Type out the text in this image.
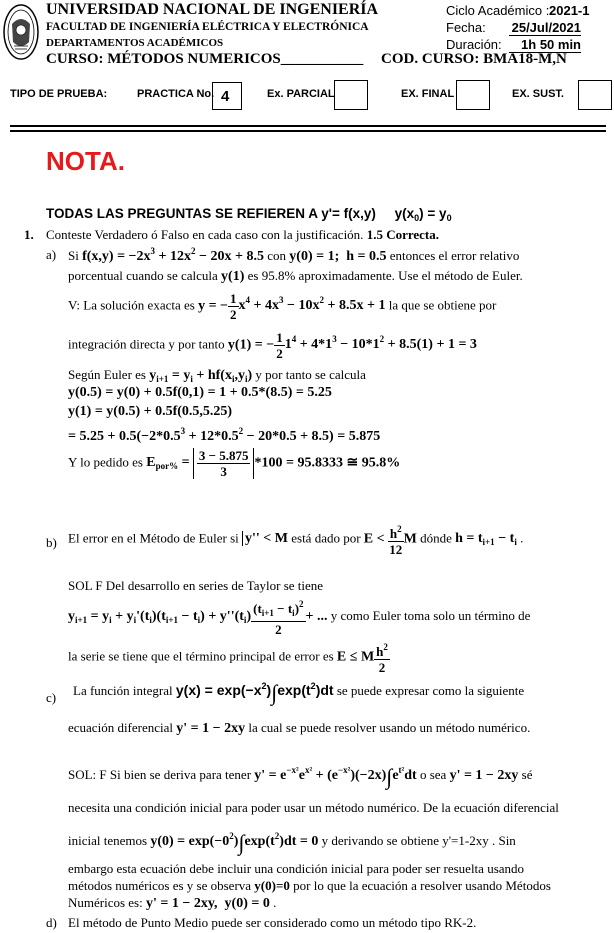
UNIVERSIDAD NACIONAL DE INGENIERÍA
FACULTAD DE INGENIERÍA ELÉCTRICA Y ELECTRÓNICA
DEPARTAMENTOS ACADÉMICOS
CURSO: MÉTODOS NUMERICOS___________ COD. CURSO: BMA18-M,N
Ciclo Académico : 2021-1
Fecha: 25/Jul/2021
Duración:	1h 50 min
TIPO DE PRUEBA:	PRACTICA No. 4	Ex. PARCIAL	EX. FINAL	EX. SUST.
NOTA.
TODAS LAS PREGUNTAS SE REFIEREN A y'= f(x,y)     $y(x_0) = y_0$
1. Conteste Verdadero ó Falso en cada caso con la justificación. 1.5 Correcta.
a) Si $f(x,y) = -2x^3 + 12x^2 - 20x + 8.5$ con y(0) = 1;  h = 0.5 entonces el error relativo
porcentual cuando se calcula y(1) es 95.8% aproximadamente. Use el método de Euler.
V: La solución exacta es y = − $\frac{1}{2} x^4 + 4x^3 - 10x^2 + 8.5x + 1$ la que se obtiene por
integración directa y por tanto y(1) = − $\frac{1}{2} 1^4 + 4*1^3 - 10*1^2 + 8.5(1) + 1 = 3$
Según Euler es $y_{i+1} = y_i + hf(x_i,y_i)$ y por tanto se calcula
y(0.5) = y(0) + 0.5f(0,1) = 1 + 0.5*(8.5) = 5.25
y(1) = y(0.5) + 0.5f(0.5,5.25)
= $5.25 + 0.5(-2*0.5^3 + 12*0.5^2 - 20*0.5 + 8.5) = 5.875$
Y lo pedido es $E_{por\%} = \frac{3 - 5.875}{3} *100 = 95.8333$ ≅ 95.8%
b) El error en el Método de Euler si y'' < M está dado por $E < \frac{h^2}{12}$ M dónde $h = t_{i+1} - t_i$ .
SOL F Del desarrollo en series de Taylor se tiene
$y_{i+1} = y_i + y_i'(t_i)(t_{i+1} - t_i) + y''(t_i) \frac{(t_{i+1} - t_i)^2}{2}$ + ... y como Euler toma solo un término de
la serie se tiene que el término principal de error es E ≤ M $\frac{h^2}{2}$
c) La función integral $y(x) = \exp(-x^2)\int\exp(t^2)dt$ se puede expresar como la siguiente
ecuación diferencial y' = 1 − 2xy la cual se puede resolver usando un método numérico.
SOL: F Si bien se deriva para tener $y' = e^{-x^2}e^{x^2} + (e^{-x^2})(-2x)\int e^{t^2}dt$ o sea y' = 1 − 2xy sé
necesita una condición inicial para poder usar un método numérico. De la ecuación diferencial
inicial tenemos $y(0) = \exp(-0^2)\int\exp(t^2)dt = 0$ y derivando se obtiene y'=1-2xy . Sin
embargo esta ecuación debe incluir una condición inicial para poder ser resuelta usando
métodos numéricos es y se observa y(0)=0 por lo que la ecuación a resolver usando Métodos
Numéricos es: y' = 1 − 2xy,  y(0) = 0 .
d) El método de Punto Medio puede ser considerado como un método tipo RK-2.
